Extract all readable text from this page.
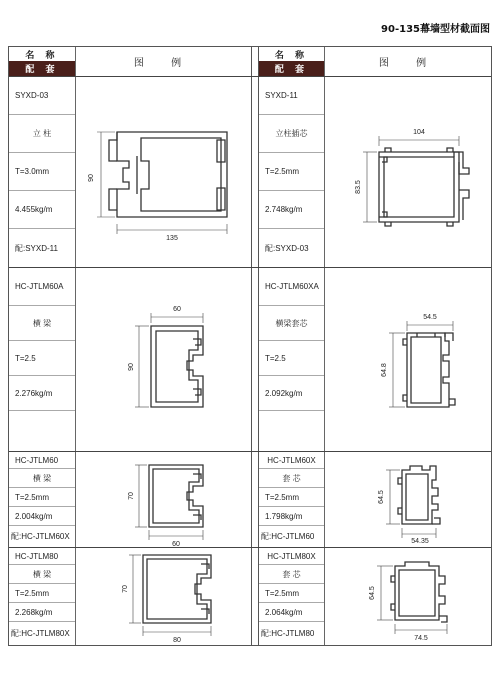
90-135幕墙型材截面图
名 称
配 套
图 例
名 称
配 套
图 例
SYXD-03
立 柱
T=3.0mm
4.455kg/m
配:SYXD-11
SYXD-11
立柱插芯
T=2.5mm
2.748kg/m
配:SYXD-03
HC-JTLM60A
横 梁
T=2.5
2.276kg/m
HC-JTLM60XA
横梁套芯
T=2.5
2.092kg/m
HC-JTLM60
横 梁
T=2.5mm
2.004kg/m
配:HC-JTLM60X
HC-JTLM60X
套 芯
T=2.5mm
1.798kg/m
配:HC-JTLM60
HC-JTLM80
横 梁
T=2.5mm
2.268kg/m
配:HC-JTLM80X
HC-JTLM80X
套 芯
T=2.5mm
2.064kg/m
配:HC-JTLM80
90
135
104
83.5
60
90
54.5
64.8
70
60
64.5
54.35
70
80
64.5
74.5
